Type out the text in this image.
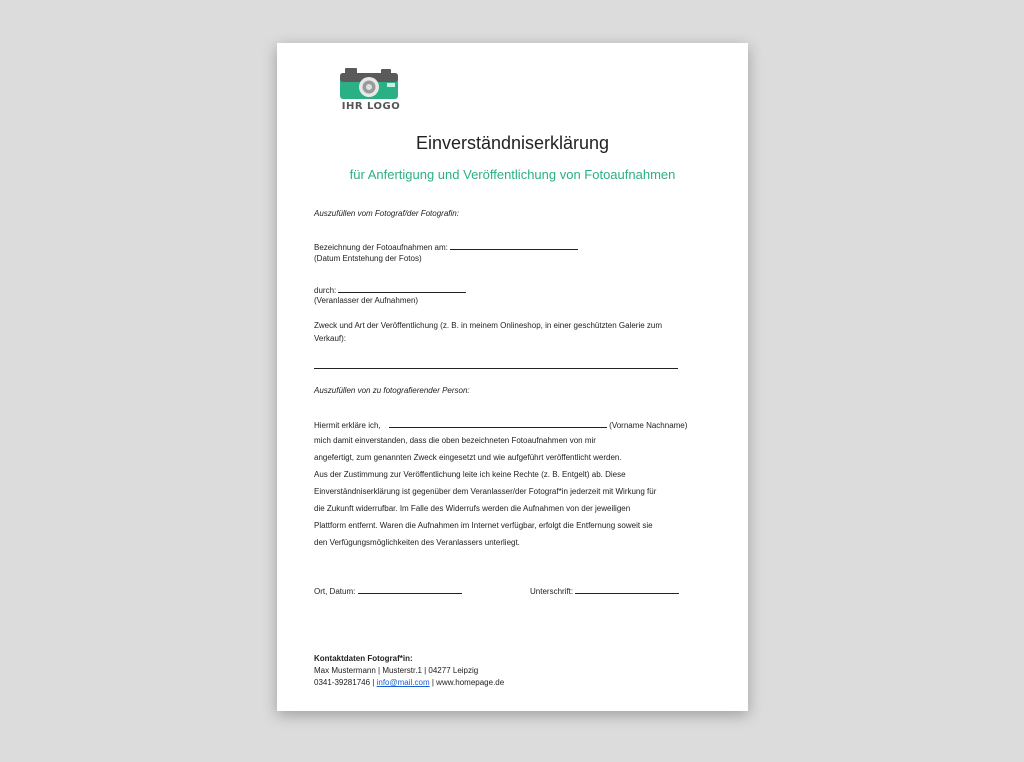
IHR LOGO
Einverständniserklärung
für Anfertigung und Veröffentlichung von Fotoaufnahmen
Auszufüllen vom Fotograf/der Fotografin:
Bezeichnung der Fotoaufnahmen am:
(Datum Entstehung der Fotos)
durch:
(Veranlasser der Aufnahmen)
Zweck und Art der Veröffentlichung (z. B. in meinem Onlineshop, in einer geschützten Galerie zum
Verkauf):
Auszufüllen von zu fotografierender Person:
Hiermit erkläre ich,	(Vorname Nachname)
mich damit einverstanden, dass die oben bezeichneten Fotoaufnahmen von mir
angefertigt, zum genannten Zweck eingesetzt und wie aufgeführt veröffentlicht werden.
Aus der Zustimmung zur Veröffentlichung leite ich keine Rechte (z. B. Entgelt) ab. Diese
Einverständniserklärung ist gegenüber dem Veranlasser/der Fotograf*in jederzeit mit Wirkung für
die Zukunft widerrufbar. Im Falle des Widerrufs werden die Aufnahmen von der jeweiligen
Plattform entfernt. Waren die Aufnahmen im Internet verfügbar, erfolgt die Entfernung soweit sie
den Verfügungsmöglichkeiten des Veranlassers unterliegt.
Ort, Datum:	Unterschrift:
Kontaktdaten Fotograf*in:
Max Mustermann | Musterstr.1 | 04277 Leipzig
0341-39281746 | info@mail.com | www.homepage.de
